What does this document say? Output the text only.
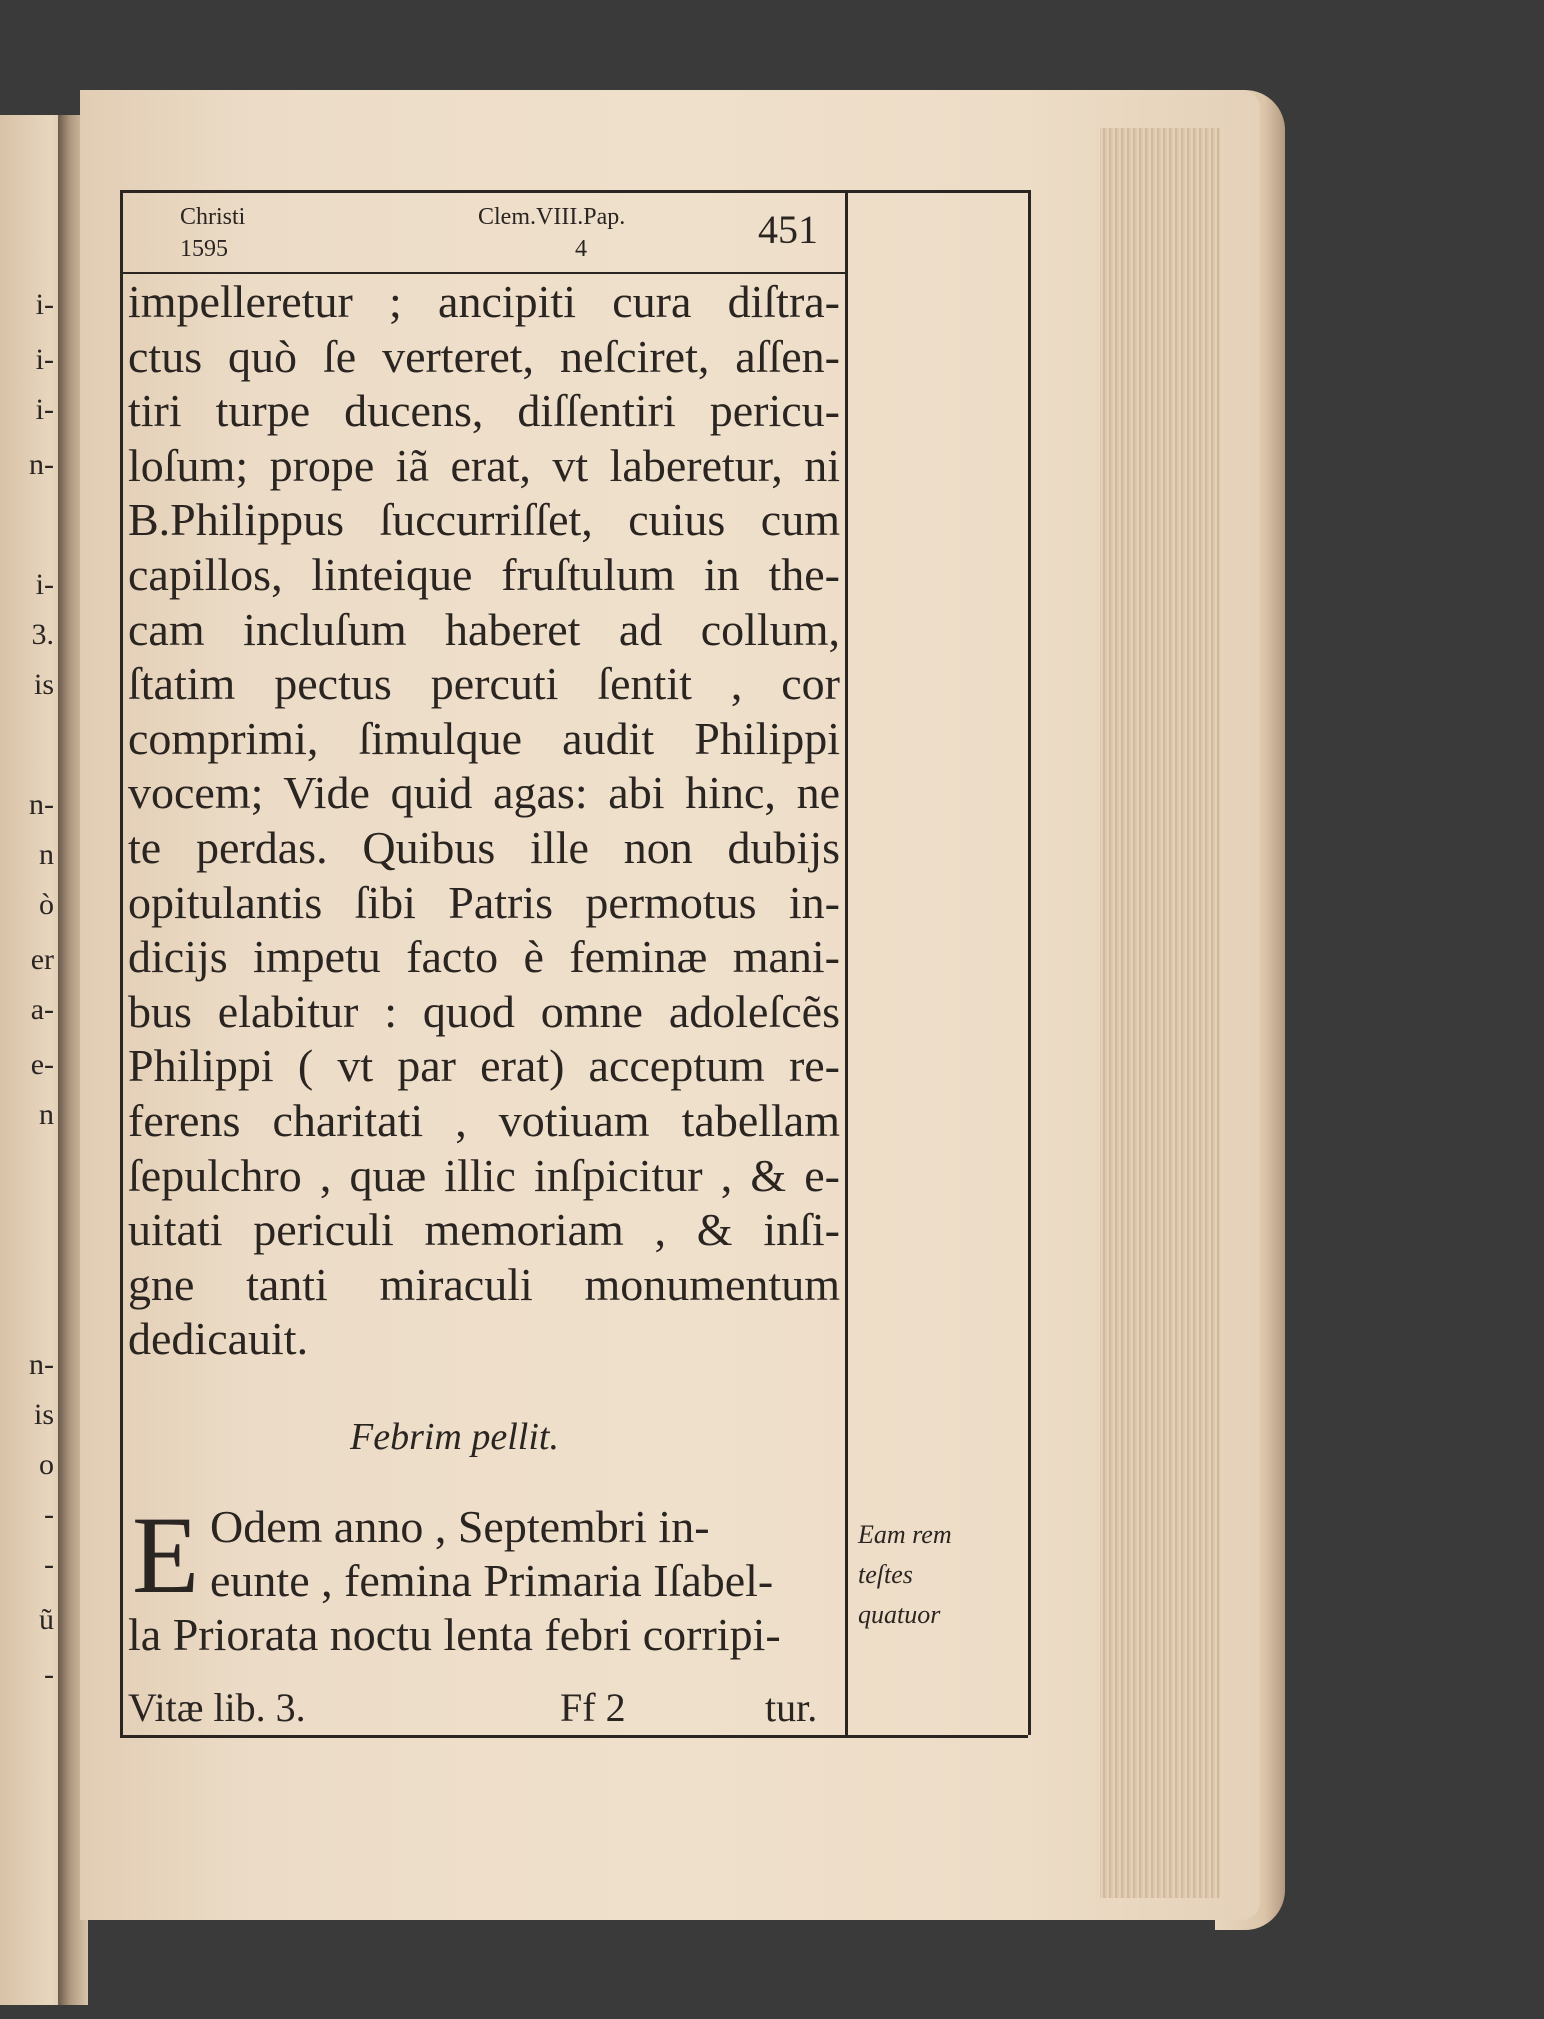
i-
i-
i-
n-
i-
3.
is
n-
n
ò
er
a-
e-
n
n-
is
o
-
-
ũ
-
Christi
1595
Clem.VIII.Pap.
4	451
impelleretur ; ancipiti cura diſtra-
ctus quò ſe verteret, neſciret, aſſen-
tiri turpe ducens, diſſentiri pericu-
loſum; prope iã erat, vt laberetur, ni
B.Philippus ſuccurriſſet, cuius cum
capillos, linteique fruſtulum in the-
cam incluſum haberet ad collum,
ſtatim pectus percuti ſentit , cor
comprimi, ſimulque audit Philippi
vocem; Vide quid agas: abi hinc, ne
te perdas. Quibus ille non dubijs
opitulantis ſibi Patris permotus in-
dicijs impetu facto è feminæ mani-
bus elabitur : quod omne adoleſcẽs
Philippi ( vt par erat) acceptum re-
ferens charitati , votiuam tabellam
ſepulchro , quæ illic inſpicitur , & e-
uitati periculi memoriam , & inſi-
gne tanti miraculi monumentum
dedicauit.
Febrim pellit.
E Odem anno , Septembri in-
eunte , femina Primaria Iſabel-
la Priorata noctu lenta febri corripi-
Eam rem
teſtes
quatuor
Vitæ lib. 3.	Ff 2	tur.
